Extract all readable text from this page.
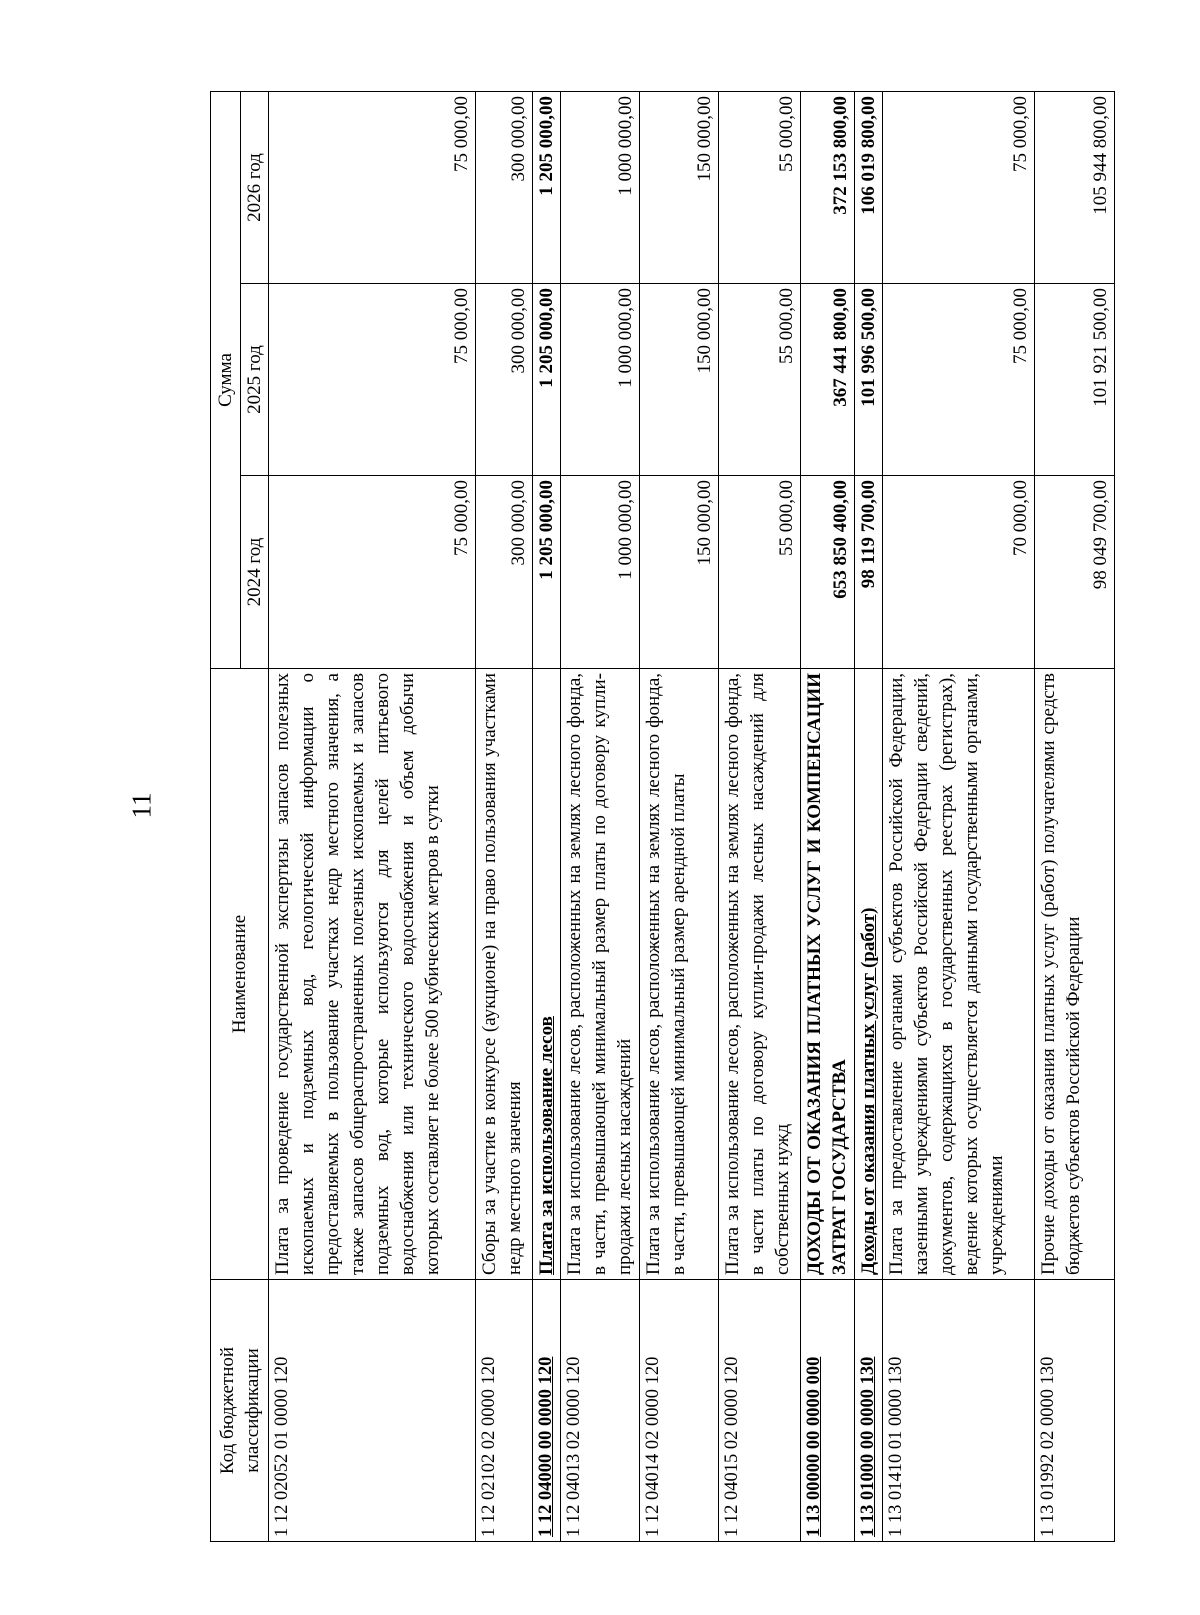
11
Код бюджетной классификации	Наименование	Сумма		
		2024 год	2025 год	2026 год
1 12 02052 01 0000 120	Плата за проведение государственной экспертизы запасов полезных ископаемых и подземных вод, геологической информации о предоставляемых в пользование участках недр местного значения, а также запасов общераспространенных полезных ископаемых и запасов подземных вод, которые используются для целей питьевого водоснабжения или технического водоснабжения и объем добычи которых составляет не более 500 кубических метров в сутки	75 000,00	75 000,00	75 000,00
1 12 02102 02 0000 120	Сборы за участие в конкурсе (аукционе) на право пользования участками недр местного значения	300 000,00	300 000,00	300 000,00
1 12 04000 00 0000 120	Плата за использование лесов	1 205 000,00	1 205 000,00	1 205 000,00
1 12 04013 02 0000 120	Плата за использование лесов, расположенных на землях лесного фонда, в части, превышающей минимальный размер платы по договору купли-продажи лесных насаждений	1 000 000,00	1 000 000,00	1 000 000,00
1 12 04014 02 0000 120	Плата за использование лесов, расположенных на землях лесного фонда, в части, превышающей минимальный размер арендной платы	150 000,00	150 000,00	150 000,00
1 12 04015 02 0000 120	Плата за использование лесов, расположенных на землях лесного фонда, в части платы по договору купли-продажи лесных насаждений для собственных нужд	55 000,00	55 000,00	55 000,00
1 13 00000 00 0000 000	ДОХОДЫ ОТ ОКАЗАНИЯ ПЛАТНЫХ УСЛУГ И КОМПЕНСАЦИИ ЗАТРАТ ГОСУДАРСТВА	653 850 400,00	367 441 800,00	372 153 800,00
1 13 01000 00 0000 130	Доходы от оказания платных услуг (работ)	98 119 700,00	101 996 500,00	106 019 800,00
1 13 01410 01 0000 130	Плата за предоставление органами субъектов Российской Федерации, казенными учреждениями субъектов Российской Федерации сведений, документов, содержащихся в государственных реестрах (регистрах), ведение которых осуществляется данными государственными органами, учреждениями	70 000,00	75 000,00	75 000,00
1 13 01992 02 0000 130	Прочие доходы от оказания платных услуг (работ) получателями средств бюджетов субъектов Российской Федерации	98 049 700,00	101 921 500,00	105 944 800,00
